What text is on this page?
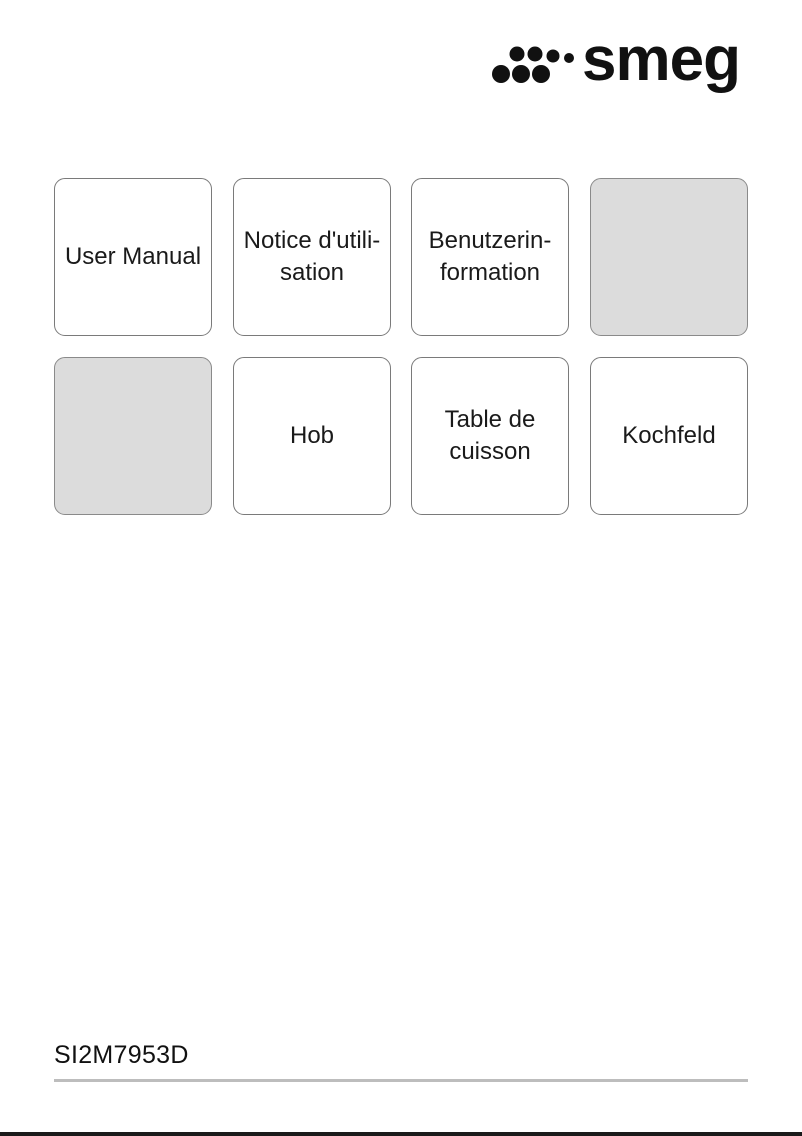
smeg
User Manual
Notice d'utili-
sation
Benutzerin-
formation
Hob
Table de
cuisson
Kochfeld
SI2M7953D
